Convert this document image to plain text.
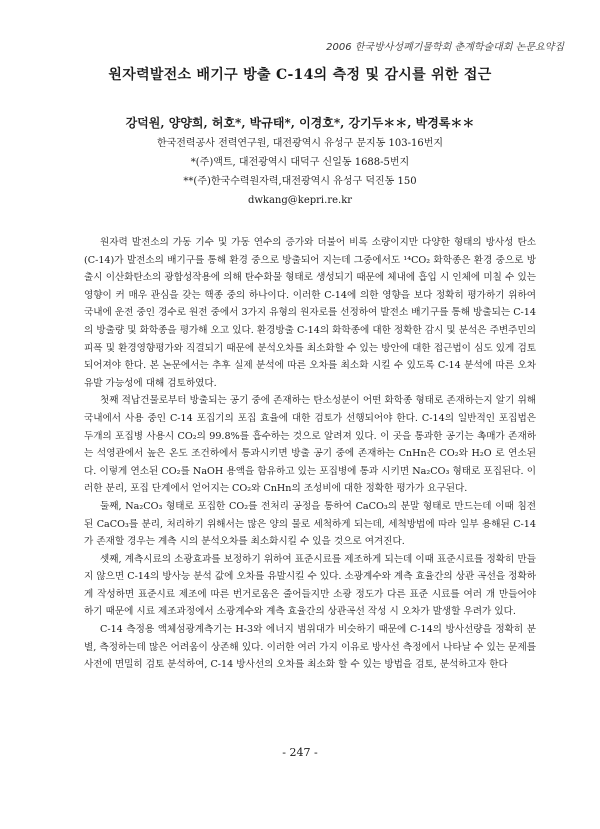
2006 한국방사성폐기물학회 춘계학술대회 논문요약집
원자력발전소 배기구 방출 C-14의 측정 및 감시를 위한 접근
강덕원, 양양희, 허호*, 박규태*, 이경호*, 강기두＊＊, 박경록＊＊
한국전력공사 전력연구원, 대전광역시 유성구 문지동 103-16번지
*(주)액트, 대전광역시 대덕구 신일동 1688-5번지
**(주)한국수력원자력,대전광역시 유성구 덕진동 150
dwkang@kepri.re.kr

원자력 발전소의 가동 기수 및 가동 연수의 증가와 더불어 비록 소량이지만 다양한 형태의 방사성 탄소(C-14)가 발전소의 배기구를 통해 환경 중으로 방출되어 지는데 그중에서도 ¹⁴CO₂ 화학종은 환경 중으로 방출시 이산화탄소의 광합성작용에 의해 탄수화물 형태로 생성되기 때문에 체내에 흡입 시 인체에 미칠 수 있는 영향이 커 매우 관심을 갖는 핵종 중의 하나이다. 이러한 C-14에 의한 영향을 보다 정확히 평가하기 위하여 국내에 운전 중인 경수로 원전 중에서 3가지 유형의 원자로를 선정하여 발전소 배기구를 통해 방출되는 C-14의 방출량 및 화학종을 평가해 오고 있다. 환경방출 C-14의 화학종에 대한 정확한 감시 및 분석은 주변주민의 피폭 및 환경영향평가와 직결되기 때문에 분석오차를 최소화할 수 있는 방안에 대한 접근법이 심도 있게 검토되어져야 한다. 본 논문에서는 추후 실제 분석에 따른 오차를 최소화 시킬 수 있도록 C-14 분석에 따른 오차 유발 가능성에 대해 검토하였다.

첫째 적납건물로부터 방출되는 공기 중에 존재하는 탄소성분이 어떤 화학종 형태로 존재하는지 알기 위해 국내에서 사용 중인 C-14 포집기의 포집 효율에 대한 검토가 선행되어야 한다. C-14의 일반적인 포집법은 두개의 포집병 사용시 CO₂의 99.8%를 흡수하는 것으로 알려져 있다. 이 곳을 통과한 공기는 촉매가 존재하는 석영관에서 높은 온도 조건하에서 통과시키면 방출 공기 중에 존재하는 CnHn은 CO₂와 H₂O 로 연소된다. 이렇게 연소된 CO₂를 NaOH 용액을 함유하고 있는 포집병에 통과 시키면 Na₂CO₃ 형태로 포집된다. 이러한 분리, 포집 단계에서 얻어지는 CO₂와 CnHn의 조성비에 대한 정확한 평가가 요구된다.

둘째, Na₂CO₃ 형태로 포집한 CO₂를 전처리 공정을 통하여 CaCO₃의 분말 형태로 만드는데 이때 침전된 CaCO₃를 분리, 처리하기 위해서는 많은 양의 물로 세척하게 되는데, 세척방법에 따라 일부 용해된 C-14가 존재할 경우는 계측 시의 분석오차를 최소화시킬 수 있을 것으로 여겨진다.

셋째, 계측시료의 소광효과를 보정하기 위하여 표준시료를 제조하게 되는데 이때 표준시료를 정확히 만들지 않으면 C-14의 방사능 분석 값에 오차를 유발시킬 수 있다. 소광계수와 계측 효율간의 상관 곡선을 정확하게 작성하면 표준시료 제조에 따른 번거로움은 줄어들지만 소광 정도가 다른 표준 시료를 여러 개 만들어야 하기 때문에 시료 제조과정에서 소광계수와 계측 효율간의 상관곡선 작성 시 오차가 발생할 우려가 있다.

C-14 측정용 액체섬광계측기는 H-3와 에너지 범위대가 비슷하기 때문에 C-14의 방사선량을 정확히 분별, 측정하는데 많은 어려움이 상존해 있다. 이러한 여러 가지 이유로 방사선 측정에서 나타날 수 있는 문제를 사전에 면밀히 검토 분석하여, C-14 방사선의 오차를 최소화 할 수 있는 방법을 검토, 분석하고자 한다

- 247 -
